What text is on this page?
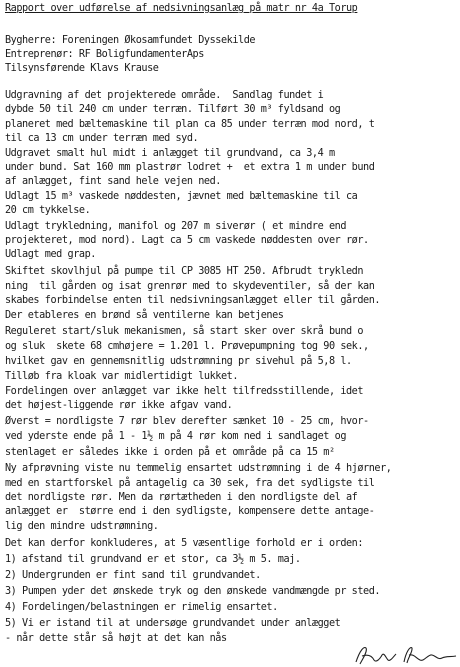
Rapport over udførelse af nedsivningsanlæg på matr nr 4a Torup
Bygherre: Foreningen Økosamfundet Dyssekilde
Entreprenør: RF BoligfundamenterAps
Tilsynsførende Klavs Krause
Udgravning af det projekterede område.  Sandlag fundet i
dybde 50 til 240 cm under terræn. Tilført 30 m³ fyldsand og
planeret med bæltemaskine til plan ca 85 under terræn mod nord, t
til ca 13 cm under terræn med syd.
Udgravet smalt hul midt i anlægget til grundvand, ca 3,4 m
under bund. Sat 160 mm plastrør lodret +  et extra 1 m under bund
af anlægget, fint sand hele vejen ned.
Udlagt 15 m³ vaskede nøddesten, jævnet med bæltemaskine til ca
20 cm tykkelse.
Udlagt trykledning, manifol og 207 m siverør ( et mindre end
projekteret, mod nord). Lagt ca 5 cm vaskede nøddesten over rør.
Udlagt med grap.
Skiftet skovlhjul på pumpe til CP 3085 HT 250. Afbrudt trykledn
ning  til gården og isat grenrør med to skydeventiler, så der kan
skabes forbindelse enten til nedsivningsanlægget eller til gården.
Der etableres en brønd så ventilerne kan betjenes
Reguleret start/sluk mekanismen, så start sker over skrå bund o
og sluk  skete 68 cmhøjere = 1.201 l. Prøvepumpning tog 90 sek.,
hvilket gav en gennemsnitlig udstrømning pr sivehul på 5,8 l.
Tilløb fra kloak var midlertidigt lukket.
Fordelingen over anlægget var ikke helt tilfredsstillende, idet
det højest-liggende rør ikke afgav vand.
Øverst = nordligste 7 rør blev derefter sænket 10 - 25 cm, hvor-
ved yderste ende på 1 - 1½ m på 4 rør kom ned i sandlaget og
stenlaget er således ikke i orden på et område på ca 15 m²
Ny afprøvning viste nu temmelig ensartet udstrømning i de 4 hjørner,
med en startforskel på antagelig ca 30 sek, fra det sydligste til
det nordligste rør. Men da rørtætheden i den nordligste del af
anlægget er  større end i den sydligste, kompensere dette antage-
lig den mindre udstrømning.
Det kan derfor konkluderes, at 5 væsentlige forhold er i orden:
1) afstand til grundvand er et stor, ca 3½ m 5. maj.
2) Undergrunden er fint sand til grundvandet.
3) Pumpen yder det ønskede tryk og den ønskede vandmængde pr sted.
4) Fordelingen/belastningen er rimelig ensartet.
5) Vi er istand til at undersøge grundvandet under anlægget
- når dette står så højt at det kan nås
